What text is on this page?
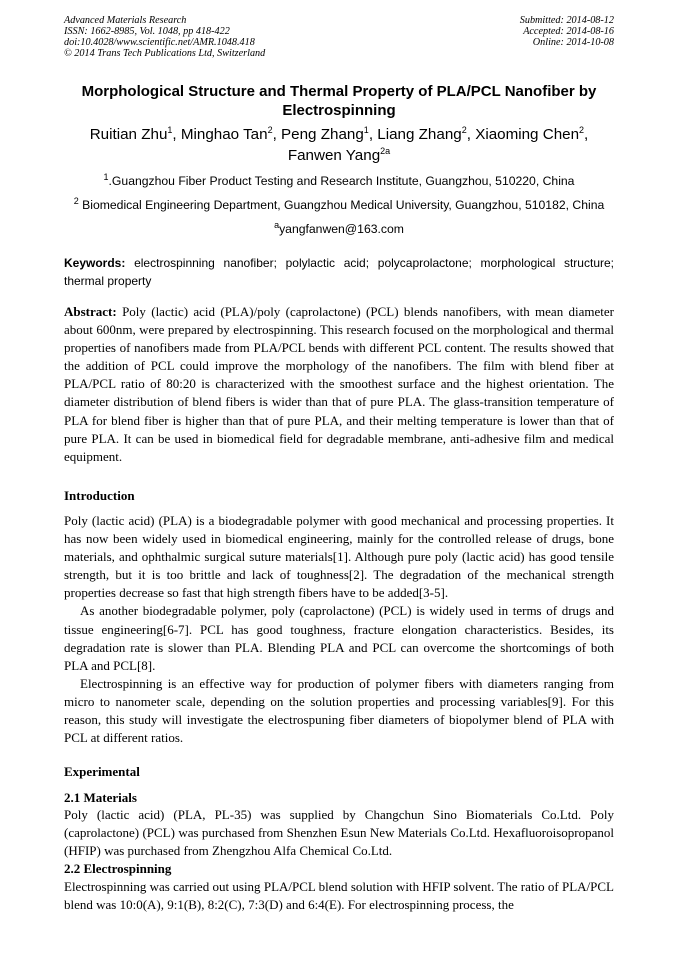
Advanced Materials Research
ISSN: 1662-8985, Vol. 1048, pp 418-422
doi:10.4028/www.scientific.net/AMR.1048.418
© 2014 Trans Tech Publications Ltd, Switzerland
Submitted: 2014-08-12
Accepted: 2014-08-16
Online: 2014-10-08
Morphological Structure and Thermal Property of PLA/PCL Nanofiber by Electrospinning
Ruitian Zhu$^1$, Minghao Tan$^2$, Peng Zhang$^1$, Liang Zhang$^2$, Xiaoming Chen$^2$,
Fanwen Yang$^{2a}$
$^1$.Guangzhou Fiber Product Testing and Research Institute, Guangzhou, 510220, China
$^2$ Biomedical Engineering Department, Guangzhou Medical University, Guangzhou, 510182, China
$^a$yangfanwen@163.com
Keywords: electrospinning nanofiber; polylactic acid; polycaprolactone; morphological structure; thermal property

Abstract: Poly (lactic) acid (PLA)/poly (caprolactone) (PCL) blends nanofibers, with mean diameter about 600nm, were prepared by electrospinning. This research focused on the morphological and thermal properties of nanofibers made from PLA/PCL bends with different PCL content. The results showed that the addition of PCL could improve the morphology of the nanofibers. The film with blend fiber at PLA/PCL ratio of 80:20 is characterized with the smoothest surface and the highest orientation. The diameter distribution of blend fibers is wider than that of pure PLA. The glass-transition temperature of PLA for blend fiber is higher than that of pure PLA, and their melting temperature is lower than that of pure PLA. It can be used in biomedical field for degradable membrane, anti-adhesive film and medical equipment.

Introduction

Poly (lactic acid) (PLA) is a biodegradable polymer with good mechanical and processing properties. It has now been widely used in biomedical engineering, mainly for the controlled release of drugs, bone materials, and ophthalmic surgical suture materials[1]. Although pure poly (lactic acid) has good tensile strength, but it is too brittle and lack of toughness[2]. The degradation of the mechanical strength properties decrease so fast that high strength fibers have to be added[3-5].

As another biodegradable polymer, poly (caprolactone) (PCL) is widely used in terms of drugs and tissue engineering[6-7]. PCL has good toughness, fracture elongation characteristics. Besides, its degradation rate is slower than PLA. Blending PLA and PCL can overcome the shortcomings of both PLA and PCL[8].

Electrospinning is an effective way for production of polymer fibers with diameters ranging from micro to nanometer scale, depending on the solution properties and processing variables[9]. For this reason, this study will investigate the electrospuning fiber diameters of biopolymer blend of PLA with PCL at different ratios.

Experimental
2.1 Materials
Poly (lactic acid) (PLA, PL-35) was supplied by Changchun Sino Biomaterials Co.Ltd. Poly (caprolactone) (PCL) was purchased from Shenzhen Esun New Materials Co.Ltd. Hexafluoroisopropanol (HFIP) was purchased from Zhengzhou Alfa Chemical Co.Ltd.
2.2 Electrospinning
Electrospinning was carried out using PLA/PCL blend solution with HFIP solvent. The ratio of PLA/PCL blend was 10:0(A), 9:1(B), 8:2(C), 7:3(D) and 6:4(E). For electrospinning process, the
